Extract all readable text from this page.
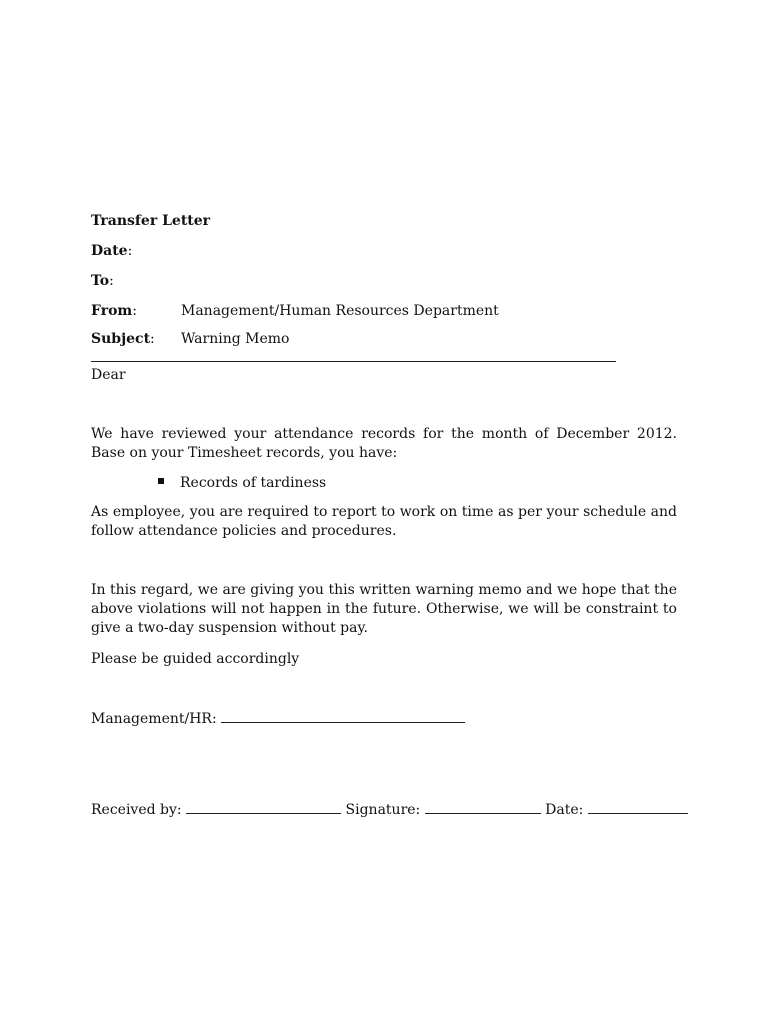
Transfer Letter
Date:
To:
From:	Management/Human Resources Department
Subject: Warning Memo
Dear
We have reviewed your attendance records for the month of December 2012. Base on your Timesheet records, you have:
Records of tardiness
As employee, you are required to report to work on time as per your schedule and follow attendance policies and procedures.
In this regard, we are giving you this written warning memo and we hope that the above violations will not happen in the future. Otherwise, we will be constraint to give a two-day suspension without pay.
Please be guided accordingly
Management/HR:
Received by:	Signature:	Date:
